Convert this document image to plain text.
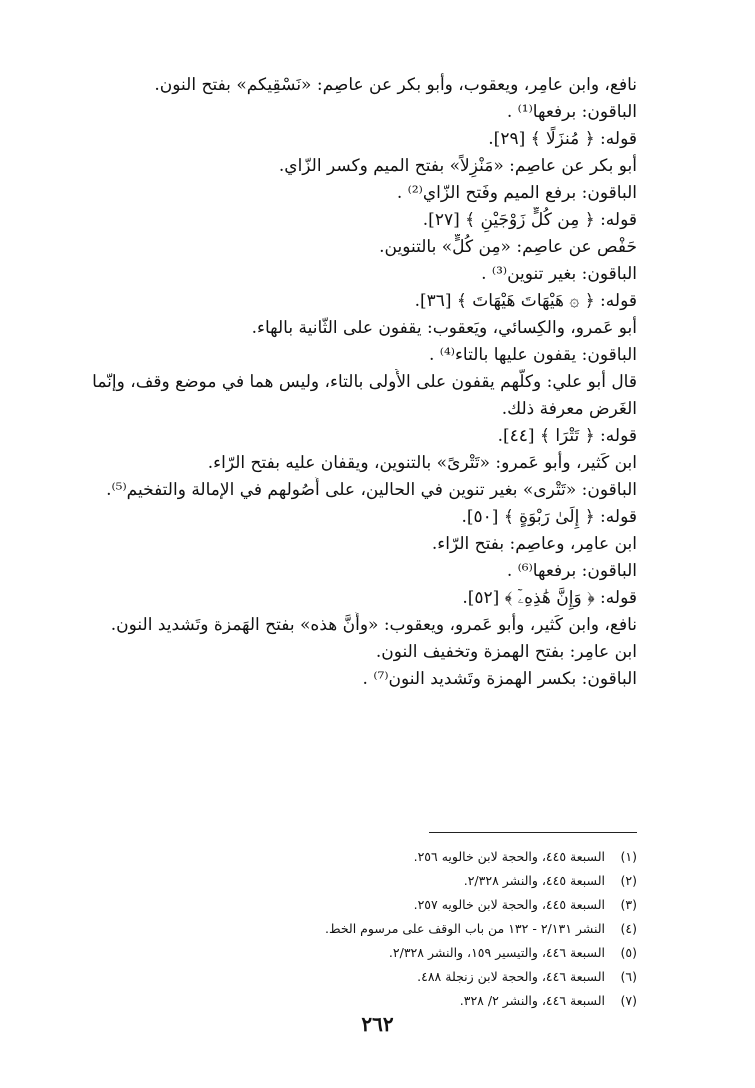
نافع، وابن عامِر، ويعقوب، وأبو بكر عن عاصِم: «نَسْقِيكم» بفتح النون.
الباقون: برفعها⁽¹⁾ .
قوله: ﴿ مُنزَلًا ﴾ [٢٩].
أبو بكر عن عاصِم: «مَنْزِلاً» بفتح الميم وكسر الزّاي.
الباقون: برفع الميم وفَتح الزّاي⁽²⁾ .
قوله: ﴿ مِن كُلٍّ زَوْجَيْنِ ﴾ [٢٧].
حَفْص عن عاصِم: «مِن كُلٍّ» بالتنوين.
الباقون: بغير تنوين⁽³⁾ .
قوله: ﴿ ۞ هَيْهَاتَ هَيْهَاتَ ﴾ [٣٦].
أبو عَمرو، والكِسائي، ويَعقوب: يقفون على الثّانية بالهاء.
الباقون: يقفون عليها بالتاء⁽⁴⁾ .
قال أبو علي: وكلُّهم يقفون على الأُولى بالتاء، وليس هما في موضع وقف، وإنّما الغَرض معرفة ذلك.
قوله: ﴿ تَتْرَا ﴾ [٤٤].
ابن كَثير، وأبو عَمرو: «تَتْرىً» بالتنوين، ويقفان عليه بفتح الرّاء.
الباقون: «تَتْرى» بغير تنوين في الحالين، على أُصُولهم في الإمالة والتفخيم⁽⁵⁾.
قوله: ﴿ إِلَىٰ رَبْوَةٍ ﴾ [٥٠].
ابن عامِر، وعاصِم: بفتح الرّاء.
الباقون: برفعها⁽⁶⁾ .
قوله: ﴿ وَإِنَّ هَٰذِهِۦٓ ﴾ [٥٢].
نافع، وابن كَثير، وأبو عَمرو، ويعقوب: «وأَنَّ هذه» بفتح الهَمزة وتَشديد النون.
ابن عامِر: بفتح الهمزة وتخفيف النون.
الباقون: بكسر الهمزة وتَشديد النون⁽⁷⁾ .
(١)
السبعة ٤٤٥، والحجة لابن خالويه ٢٥٦.
(٢)
السبعة ٤٤٥، والنشر ٢/٣٢٨.
(٣)
السبعة ٤٤٥، والحجة لابن خالويه ٢٥٧.
(٤)
النشر ٢/١٣١ - ١٣٢ من باب الوقف على مرسوم الخط.
(٥)
السبعة ٤٤٦، والتيسير ١٥٩، والنشر ٢/٣٢٨.
(٦)
السبعة ٤٤٦، والحجة لابن زنجلة ٤٨٨.
(٧)
السبعة ٤٤٦، والنشر ٢/ ٣٢٨.
٢٦٢
